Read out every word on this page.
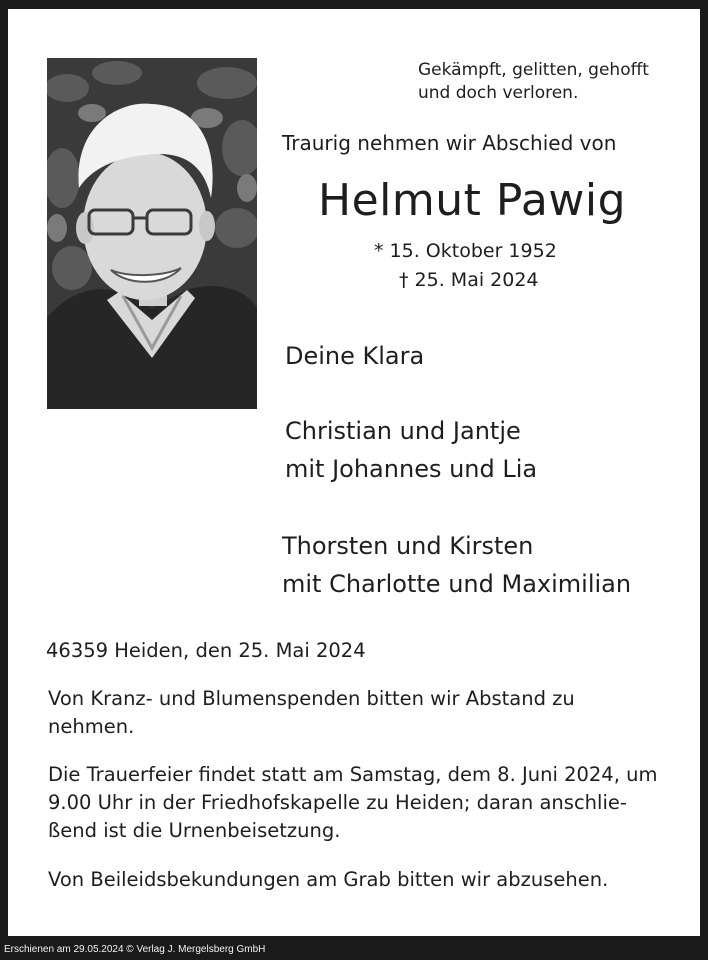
Gekämpft, gelitten, gehofft
und doch verloren.
Traurig nehmen wir Abschied von
Helmut Pawig
* 15. Oktober 1952
† 25. Mai 2024
Deine Klara
Christian und Jantje
mit Johannes und Lia
Thorsten und Kirsten
mit Charlotte und Maximilian
46359 Heiden, den 25. Mai 2024
Von Kranz- und Blumenspenden bitten wir Abstand zu
nehmen.
Die Trauerfeier findet statt am Samstag, dem 8. Juni 2024, um
9.00 Uhr in der Friedhofskapelle zu Heiden; daran anschlie-
ßend ist die Urnenbeisetzung.
Von Beileidsbekundungen am Grab bitten wir abzusehen.
Erschienen am 29.05.2024 © Verlag J. Mergelsberg GmbH
